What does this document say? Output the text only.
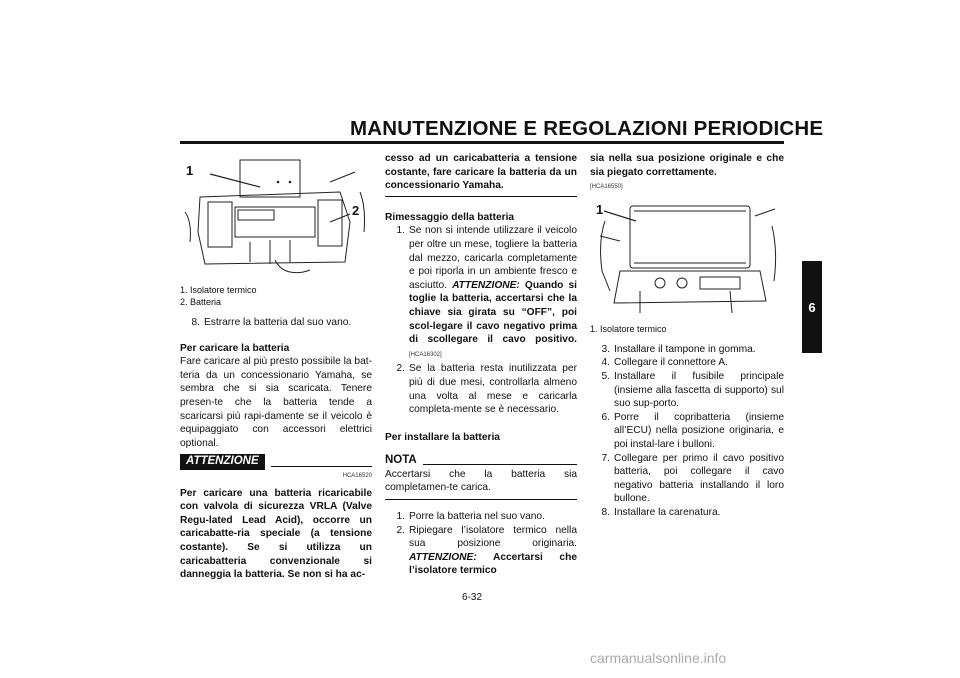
MANUTENZIONE E REGOLAZIONI PERIODICHE
6
1
2
1. Isolatore termico
2. Batteria
8. Estrarre la batteria dal suo vano.
Per caricare la batteria

Fare caricare al più presto possibile la bat-teria da un concessionario Yamaha, se sembra che si sia scaricata. Tenere presen-te che la batteria tende a scaricarsi più rapi-damente se il veicolo è equipaggiato con accessori elettrici optional.

ATTENZIONE
HCA16520

Per caricare una batteria ricaricabile con valvola di sicurezza VRLA (Valve Regu-lated Lead Acid), occorre un caricabatte-ria speciale (a tensione costante). Se si utilizza un caricabatteria convenzionale si danneggia la batteria. Se non si ha ac-

cesso ad un caricabatteria a tensione costante, fare caricare la batteria da un concessionario Yamaha.

Rimessaggio della batteria
1. Se non si intende utilizzare il veicolo per oltre un mese, togliere la batteria dal mezzo, caricarla completamente e poi riporla in un ambiente fresco e asciutto. ATTENZIONE: Quando si toglie la batteria, accertarsi che la chiave sia girata su “OFF”, poi scol-legare il cavo negativo prima di scollegare il cavo positivo. [HCA16302]
2. Se la batteria resta inutilizzata per più di due mesi, controllarla almeno una volta al mese e caricarla completa-mente se è necessario.
Per installare la batteria
NOTA

Accertarsi che la batteria sia completamen-te carica.

1. Porre la batteria nel suo vano.
2. Ripiegare l’isolatore termico nella sua posizione originaria. ATTENZIONE: Accertarsi che l’isolatore termico

sia nella sua posizione originale e che sia piegato correttamente.

[HCA16550]
1
1. Isolatore termico
3. Installare il tampone in gomma.
4. Collegare il connettore A.
5. Installare il fusibile principale (insieme alla fascetta di supporto) sul suo sup-porto.
6. Porre il copribatteria (insieme all’ECU) nella posizione originaria, e poi instal-lare i bulloni.
7. Collegare per primo il cavo positivo batteria, poi collegare il cavo negativo batteria installando il loro bullone.
8. Installare la carenatura.
6-32
carmanualsonline.info
